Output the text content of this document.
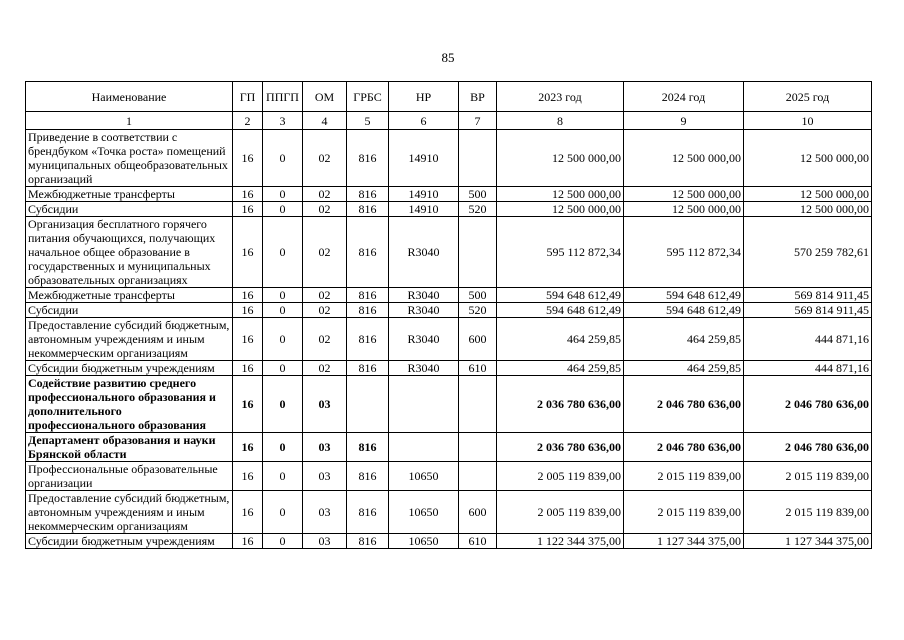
85
Наименование	ГП	ППГП	ОМ	ГРБС	НР	ВР	2023 год	2024 год	2025 год
1	2	3	4	5	6	7	8	9	10
Приведение в соответствии с брендбуком «Точка роста» помещений муниципальных общеобразовательных организаций	16	0	02	816	14910		12 500 000,00	12 500 000,00	12 500 000,00
Межбюджетные трансферты	16	0	02	816	14910	500	12 500 000,00	12 500 000,00	12 500 000,00
Субсидии	16	0	02	816	14910	520	12 500 000,00	12 500 000,00	12 500 000,00
Организация бесплатного горячего питания обучающихся, получающих начальное общее образование в государственных и муниципальных образовательных организациях	16	0	02	816	R3040		595 112 872,34	595 112 872,34	570 259 782,61
Межбюджетные трансферты	16	0	02	816	R3040	500	594 648 612,49	594 648 612,49	569 814 911,45
Субсидии	16	0	02	816	R3040	520	594 648 612,49	594 648 612,49	569 814 911,45
Предоставление субсидий бюджетным, автономным учреждениям и иным некоммерческим организациям	16	0	02	816	R3040	600	464 259,85	464 259,85	444 871,16
Субсидии бюджетным учреждениям	16	0	02	816	R3040	610	464 259,85	464 259,85	444 871,16
Содействие развитию среднего профессионального образования и дополнительного профессионального образования	16	0	03				2 036 780 636,00	2 046 780 636,00	2 046 780 636,00
Департамент образования и науки Брянской области	16	0	03	816			2 036 780 636,00	2 046 780 636,00	2 046 780 636,00
Профессиональные образовательные организации	16	0	03	816	10650		2 005 119 839,00	2 015 119 839,00	2 015 119 839,00
Предоставление субсидий бюджетным, автономным учреждениям и иным некоммерческим организациям	16	0	03	816	10650	600	2 005 119 839,00	2 015 119 839,00	2 015 119 839,00
Субсидии бюджетным учреждениям	16	0	03	816	10650	610	1 122 344 375,00	1 127 344 375,00	1 127 344 375,00
